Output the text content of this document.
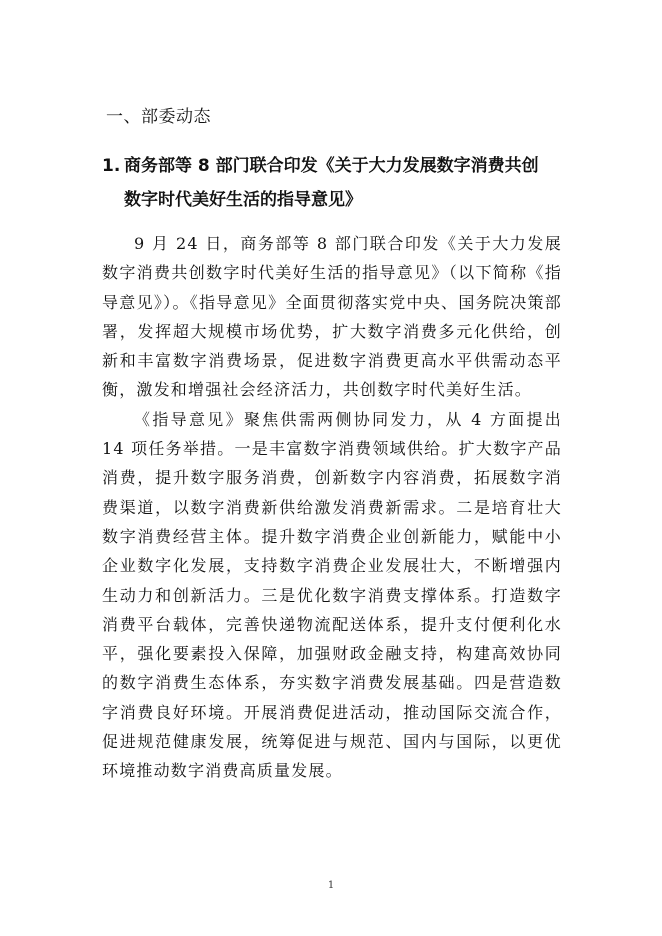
一、部委动态
1. 商务部等 8 部门联合印发《关于大力发展数字消费共创
数字时代美好生活的指导意见》

9 月 24 日，商务部等 8 部门联合印发《关于大力发展数字消费共创数字时代美好生活的指导意见》（以下简称《指导意见》）。《指导意见》全面贯彻落实党中央、国务院决策部署，发挥超大规模市场优势，扩大数字消费多元化供给，创新和丰富数字消费场景，促进数字消费更高水平供需动态平衡，激发和增强社会经济活力，共创数字时代美好生活。

《指导意见》聚焦供需两侧协同发力，从 4 方面提出 14 项任务举措。一是丰富数字消费领域供给。扩大数字产品消费，提升数字服务消费，创新数字内容消费，拓展数字消费渠道，以数字消费新供给激发消费新需求。二是培育壮大数字消费经营主体。提升数字消费企业创新能力，赋能中小企业数字化发展，支持数字消费企业发展壮大，不断增强内生动力和创新活力。三是优化数字消费支撑体系。打造数字消费平台载体，完善快递物流配送体系，提升支付便利化水平，强化要素投入保障，加强财政金融支持，构建高效协同的数字消费生态体系，夯实数字消费发展基础。四是营造数字消费良好环境。开展消费促进活动，推动国际交流合作，促进规范健康发展，统筹促进与规范、国内与国际，以更优环境推动数字消费高质量发展。

1
